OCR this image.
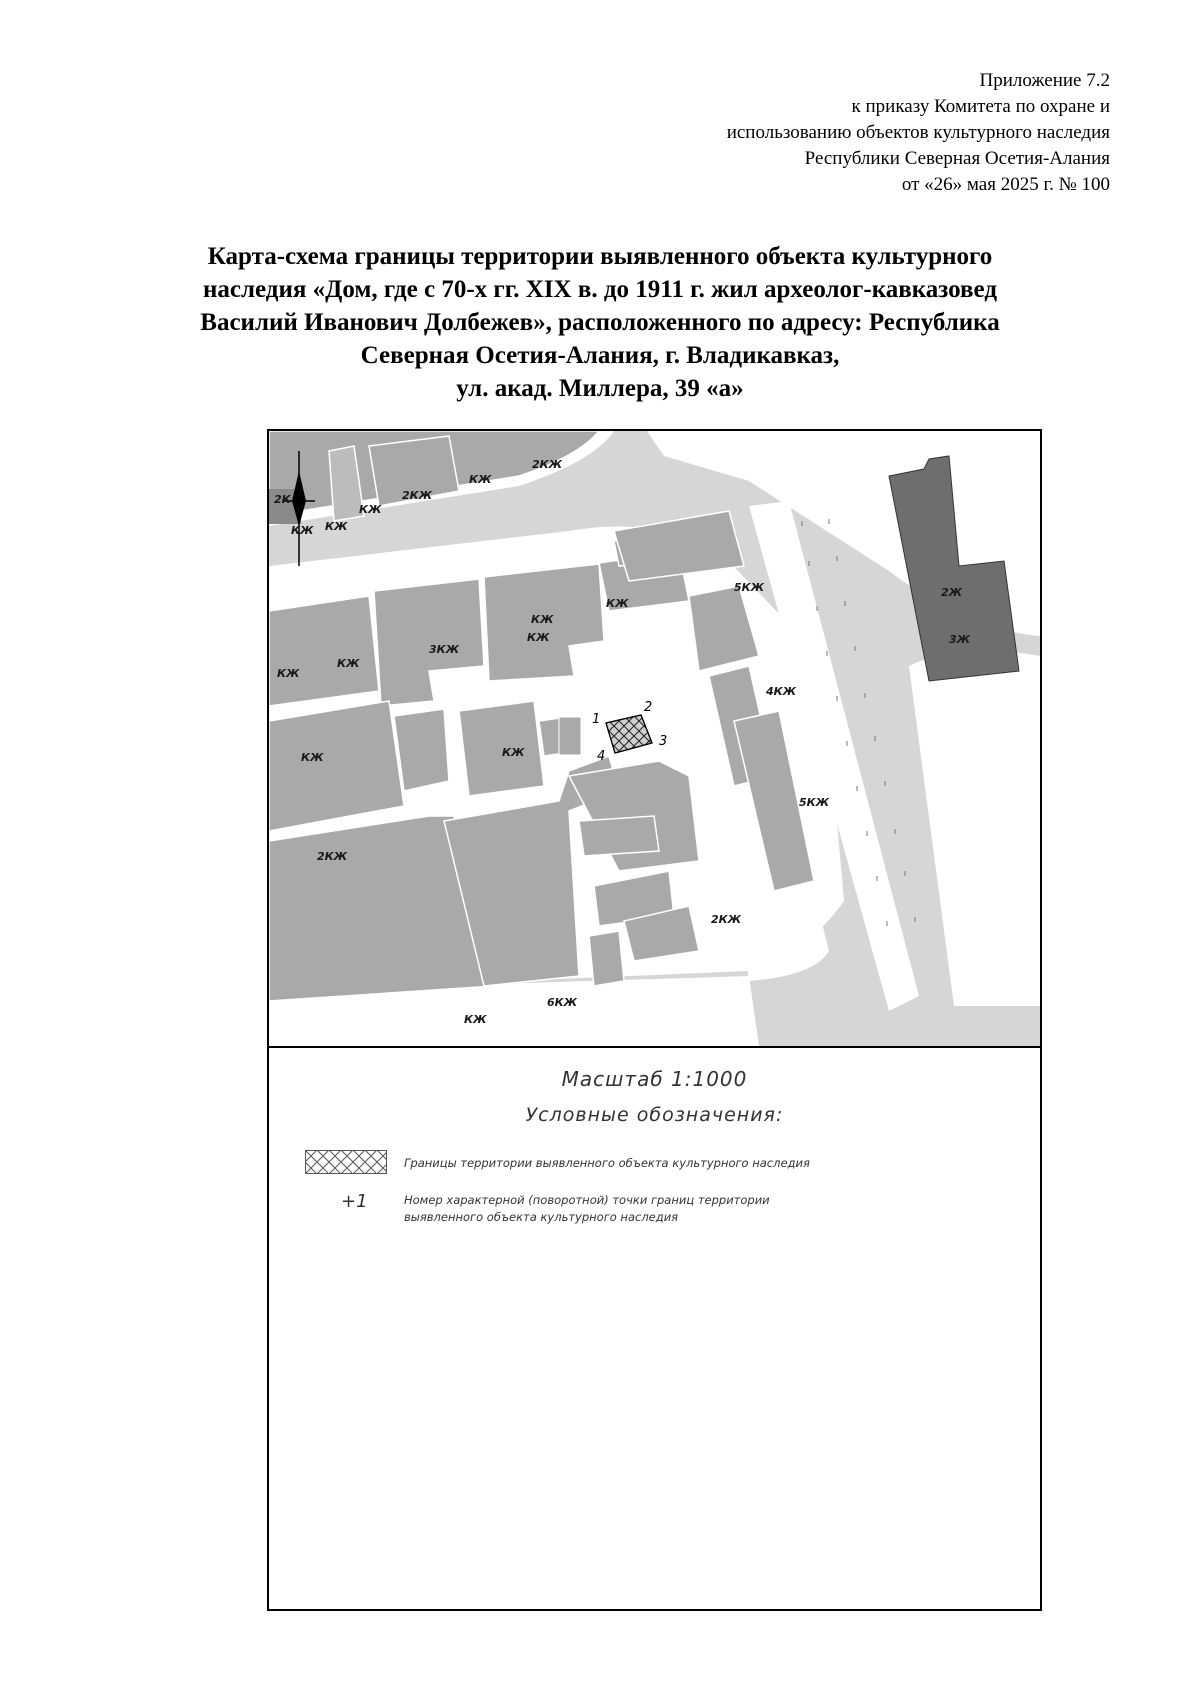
Приложение 7.2
к приказу Комитета по охране и
использованию объектов культурного наследия
Республики Северная Осетия-Алания
от «26» мая 2025 г. № 100
Карта-схема границы территории выявленного объекта культурного
наследия «Дом, где с 70-х гг. XIX в. до 1911 г. жил археолог-кавказовед
Василий Иванович Долбежев», расположенного по адресу: Республика
Северная Осетия-Алания, г. Владикавказ,
ул. акад. Миллера, 39 «а»
1
2
3
4
2КЖ
2КЖ
КЖ
КЖ
КЖ
2К
КЖ
КЖ
КЖ
5КЖ
КЖ
КЖ
3КЖ
КЖ
4КЖ
КЖ	КЖ
5КЖ
2КЖ
2КЖ
6КЖ
КЖ
2Ж
3Ж
Масштаб 1:1000
Условные обозначения:
Границы территории выявленного объекта культурного наследия
+1	Номер характерной (поворотной) точки границ территории
выявленного объекта культурного наследия
